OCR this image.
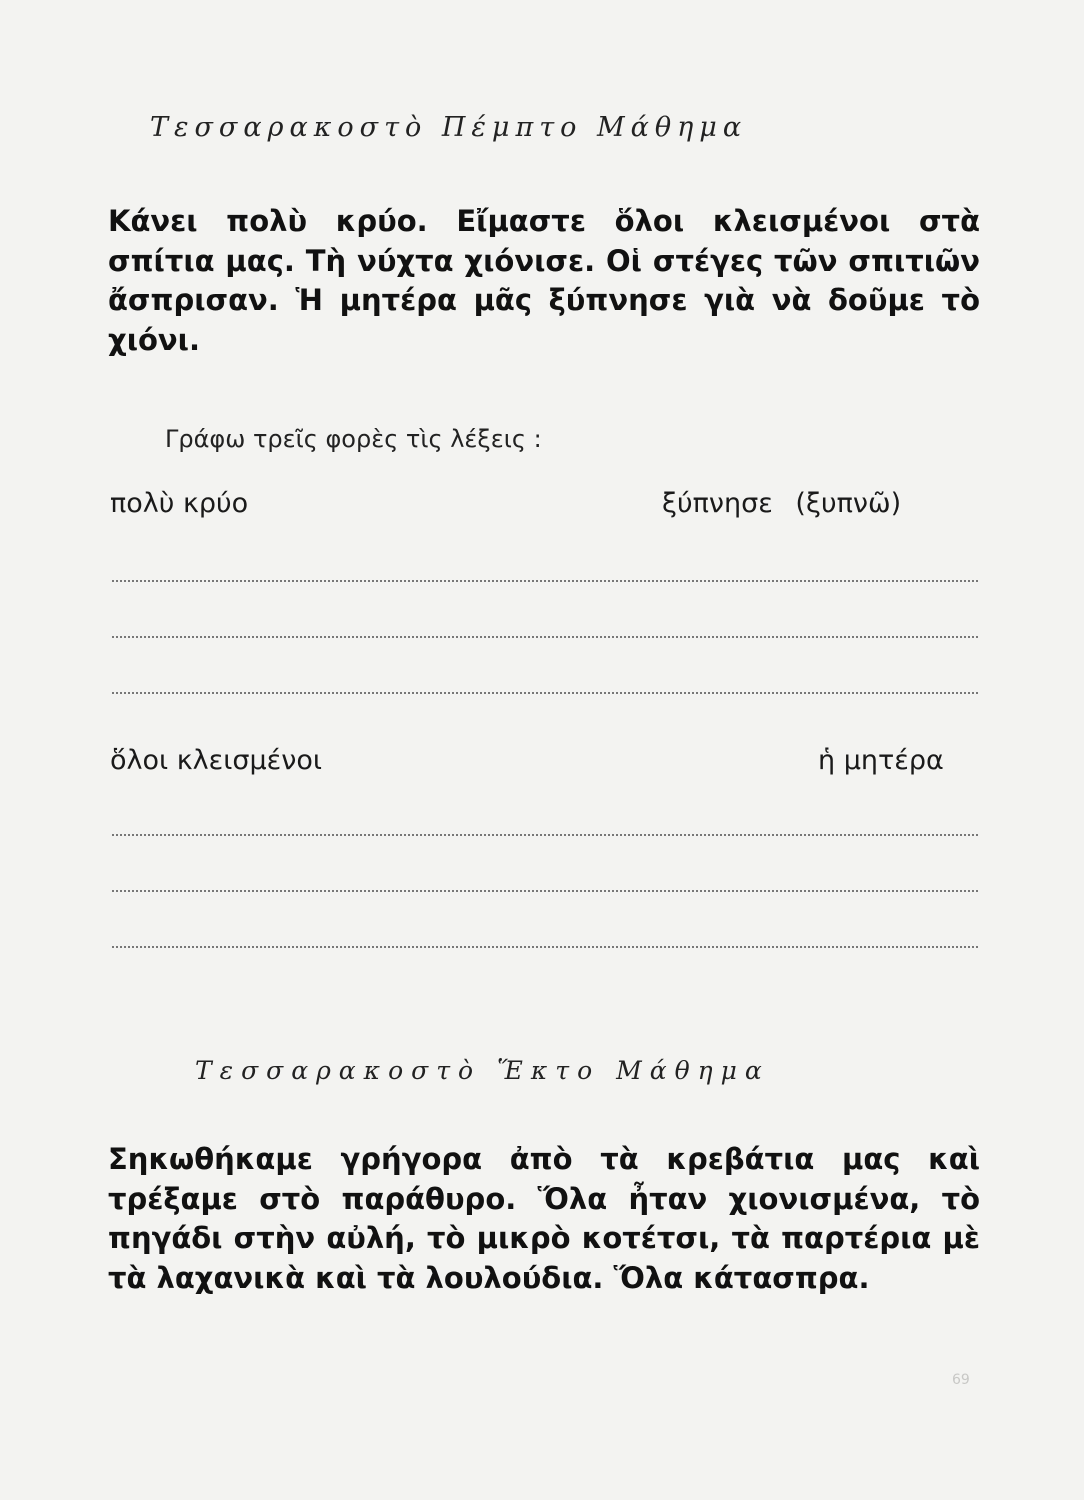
Τεσσαρακοστὸ Πέμπτο Μάθημα
Κάνει πολὺ κρύο. Εἴμαστε ὅλοι κλεισμένοι στὰ σπίτια μας. Τὴ νύχτα χιόνισε. Οἱ στέγες τῶν σπιτιῶν ἄσπρισαν. Ἡ μητέρα μᾶς ξύπνησε γιὰ νὰ δοῦμε τὸ χιόνι.
Γράφω τρεῖς φορὲς τὶς λέξεις :
πολὺ κρύο	ξύπνησε (ξυπνῶ)
ὅλοι κλεισμένοι	ἡ μητέρα
Τεσσαρακοστὸ Ἕκτο Μάθημα
Σηκωθήκαμε γρήγορα ἀπὸ τὰ κρεβάτια μας καὶ τρέξαμε στὸ παράθυρο. Ὅλα ἦταν χιονισμένα, τὸ πηγάδι στὴν αὐλή, τὸ μικρὸ κοτέτσι, τὰ παρτέρια μὲ τὰ λαχανικὰ καὶ τὰ λουλούδια. Ὅλα κάτασπρα.
69
